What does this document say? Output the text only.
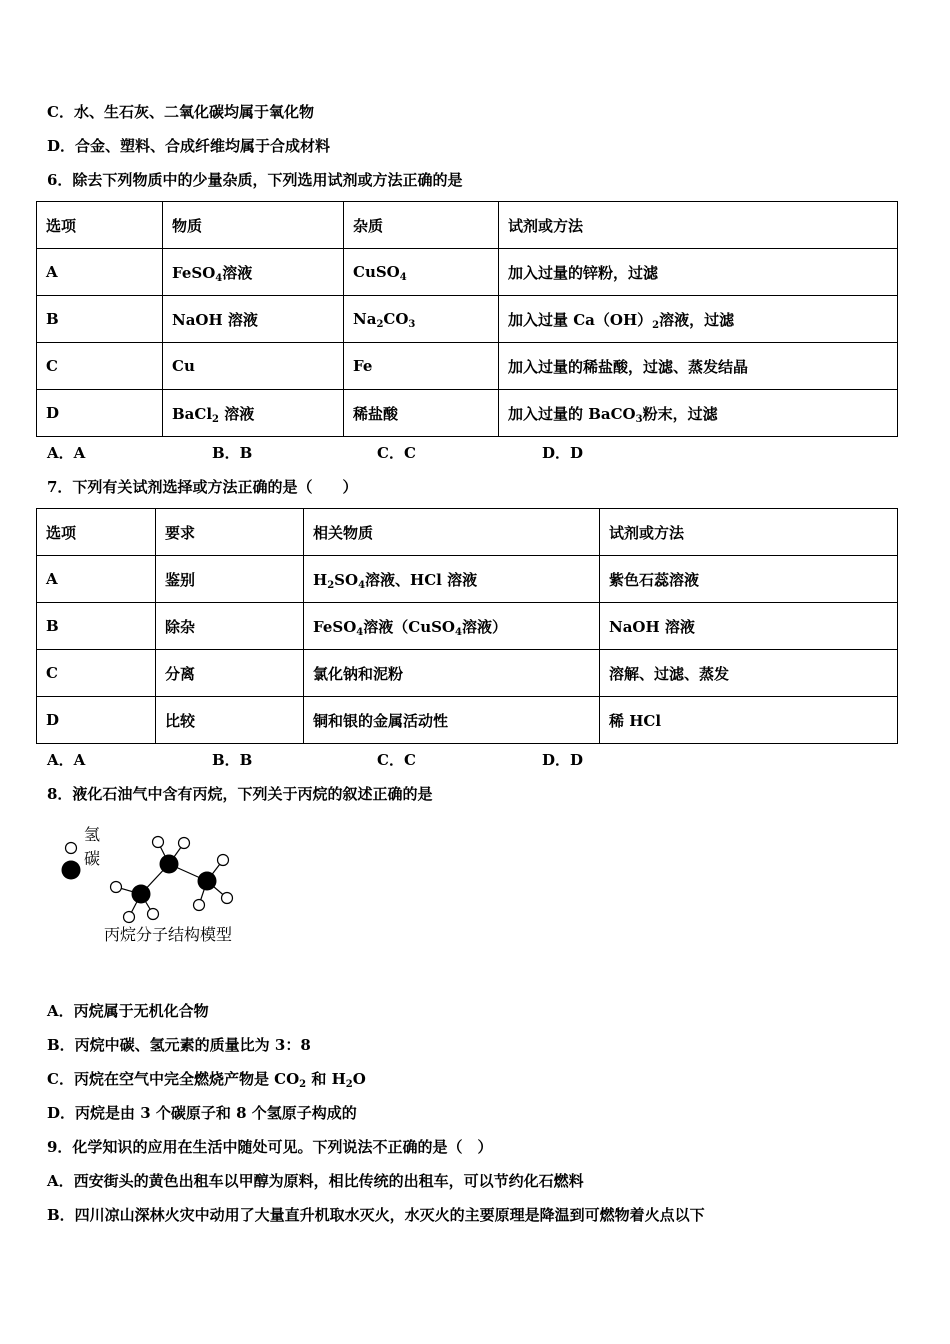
C．水、生石灰、二氧化碳均属于氧化物
D．合金、塑料、合成纤维均属于合成材料
6．除去下列物质中的少量杂质，下列选用试剂或方法正确的是
选项	物质	杂质	试剂或方法
A	FeSO$_4$溶液	CuSO$_4$	加入过量的锌粉，过滤
B	NaOH 溶液	$Na_2CO_3$	加入过量 $Ca(OH)_2$溶液，过滤
C	Cu	Fe	加入过量的稀盐酸，过滤、蒸发结晶
D	BaCl$_2$ 溶液	稀盐酸	加入过量的 BaCO$_3$粉末，过滤
A．A	B．B	C．C	D．D
7．下列有关试剂选择或方法正确的是（　　）
选项	要求	相关物质	试剂或方法
A	鉴别	$H_2SO_4$溶液、HCl 溶液	紫色石蕊溶液
B	除杂	FeSO$_4$溶液（CuSO$_4$溶液）	NaOH 溶液
C	分离	氯化钠和泥粉	溶解、过滤、蒸发
D	比较	铜和银的金属活动性	稀 HCl
A．A	B．B	C．C	D．D
8．液化石油气中含有丙烷，下列关于丙烷的叙述正确的是
氢
碳
丙烷分子结构模型
A．丙烷属于无机化合物
B．丙烷中碳、氢元素的质量比为 3：8
C．丙烷在空气中完全燃烧产物是 $CO_2$ 和 $H_2O$
D．丙烷是由 3 个碳原子和 8 个氢原子构成的
9．化学知识的应用在生活中随处可见。下列说法不正确的是（　）
A．西安街头的黄色出租车以甲醇为原料，相比传统的出租车，可以节约化石燃料
B．四川凉山深林火灾中动用了大量直升机取水灭火，水灭火的主要原理是降温到可燃物着火点以下
